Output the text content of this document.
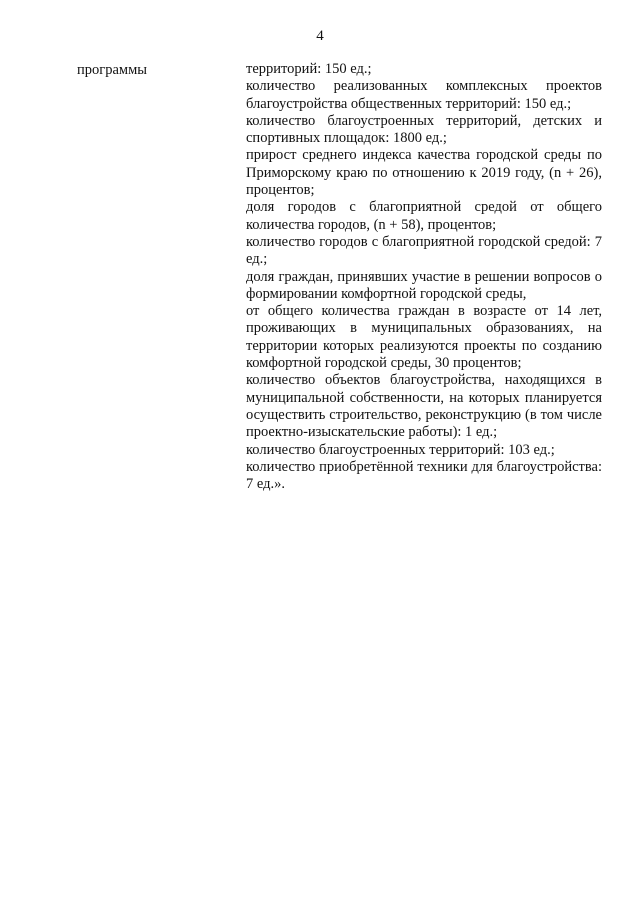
4
программы	территорий: 150 ед.;

количество реализованных комплексных проектов благоустройства общественных территорий: 150 ед.;

количество благоустроенных территорий, детских и спортивных площадок: 1800 ед.;

прирост среднего индекса качества городской среды по Приморскому краю по отношению к 2019 году, (n + 26), процентов;

доля городов с благоприятной средой от общего количества городов, (n + 58), процентов;

количество городов с благоприятной городской средой: 7 ед.;

доля граждан, принявших участие в решении вопросов о формировании комфортной городской среды,

от общего количества граждан в возрасте от 14 лет, проживающих в муниципальных образованиях, на территории которых реализуются проекты по созданию комфортной городской среды, 30 процентов;

количество объектов благоустройства, находящихся в муниципальной собственности, на которых планируется осуществить строительство, реконструкцию (в том числе проектно-изыскательские работы): 1 ед.;

количество благоустроенных территорий: 103 ед.;

количество приобретённой техники для благоустройства: 7 ед.».
